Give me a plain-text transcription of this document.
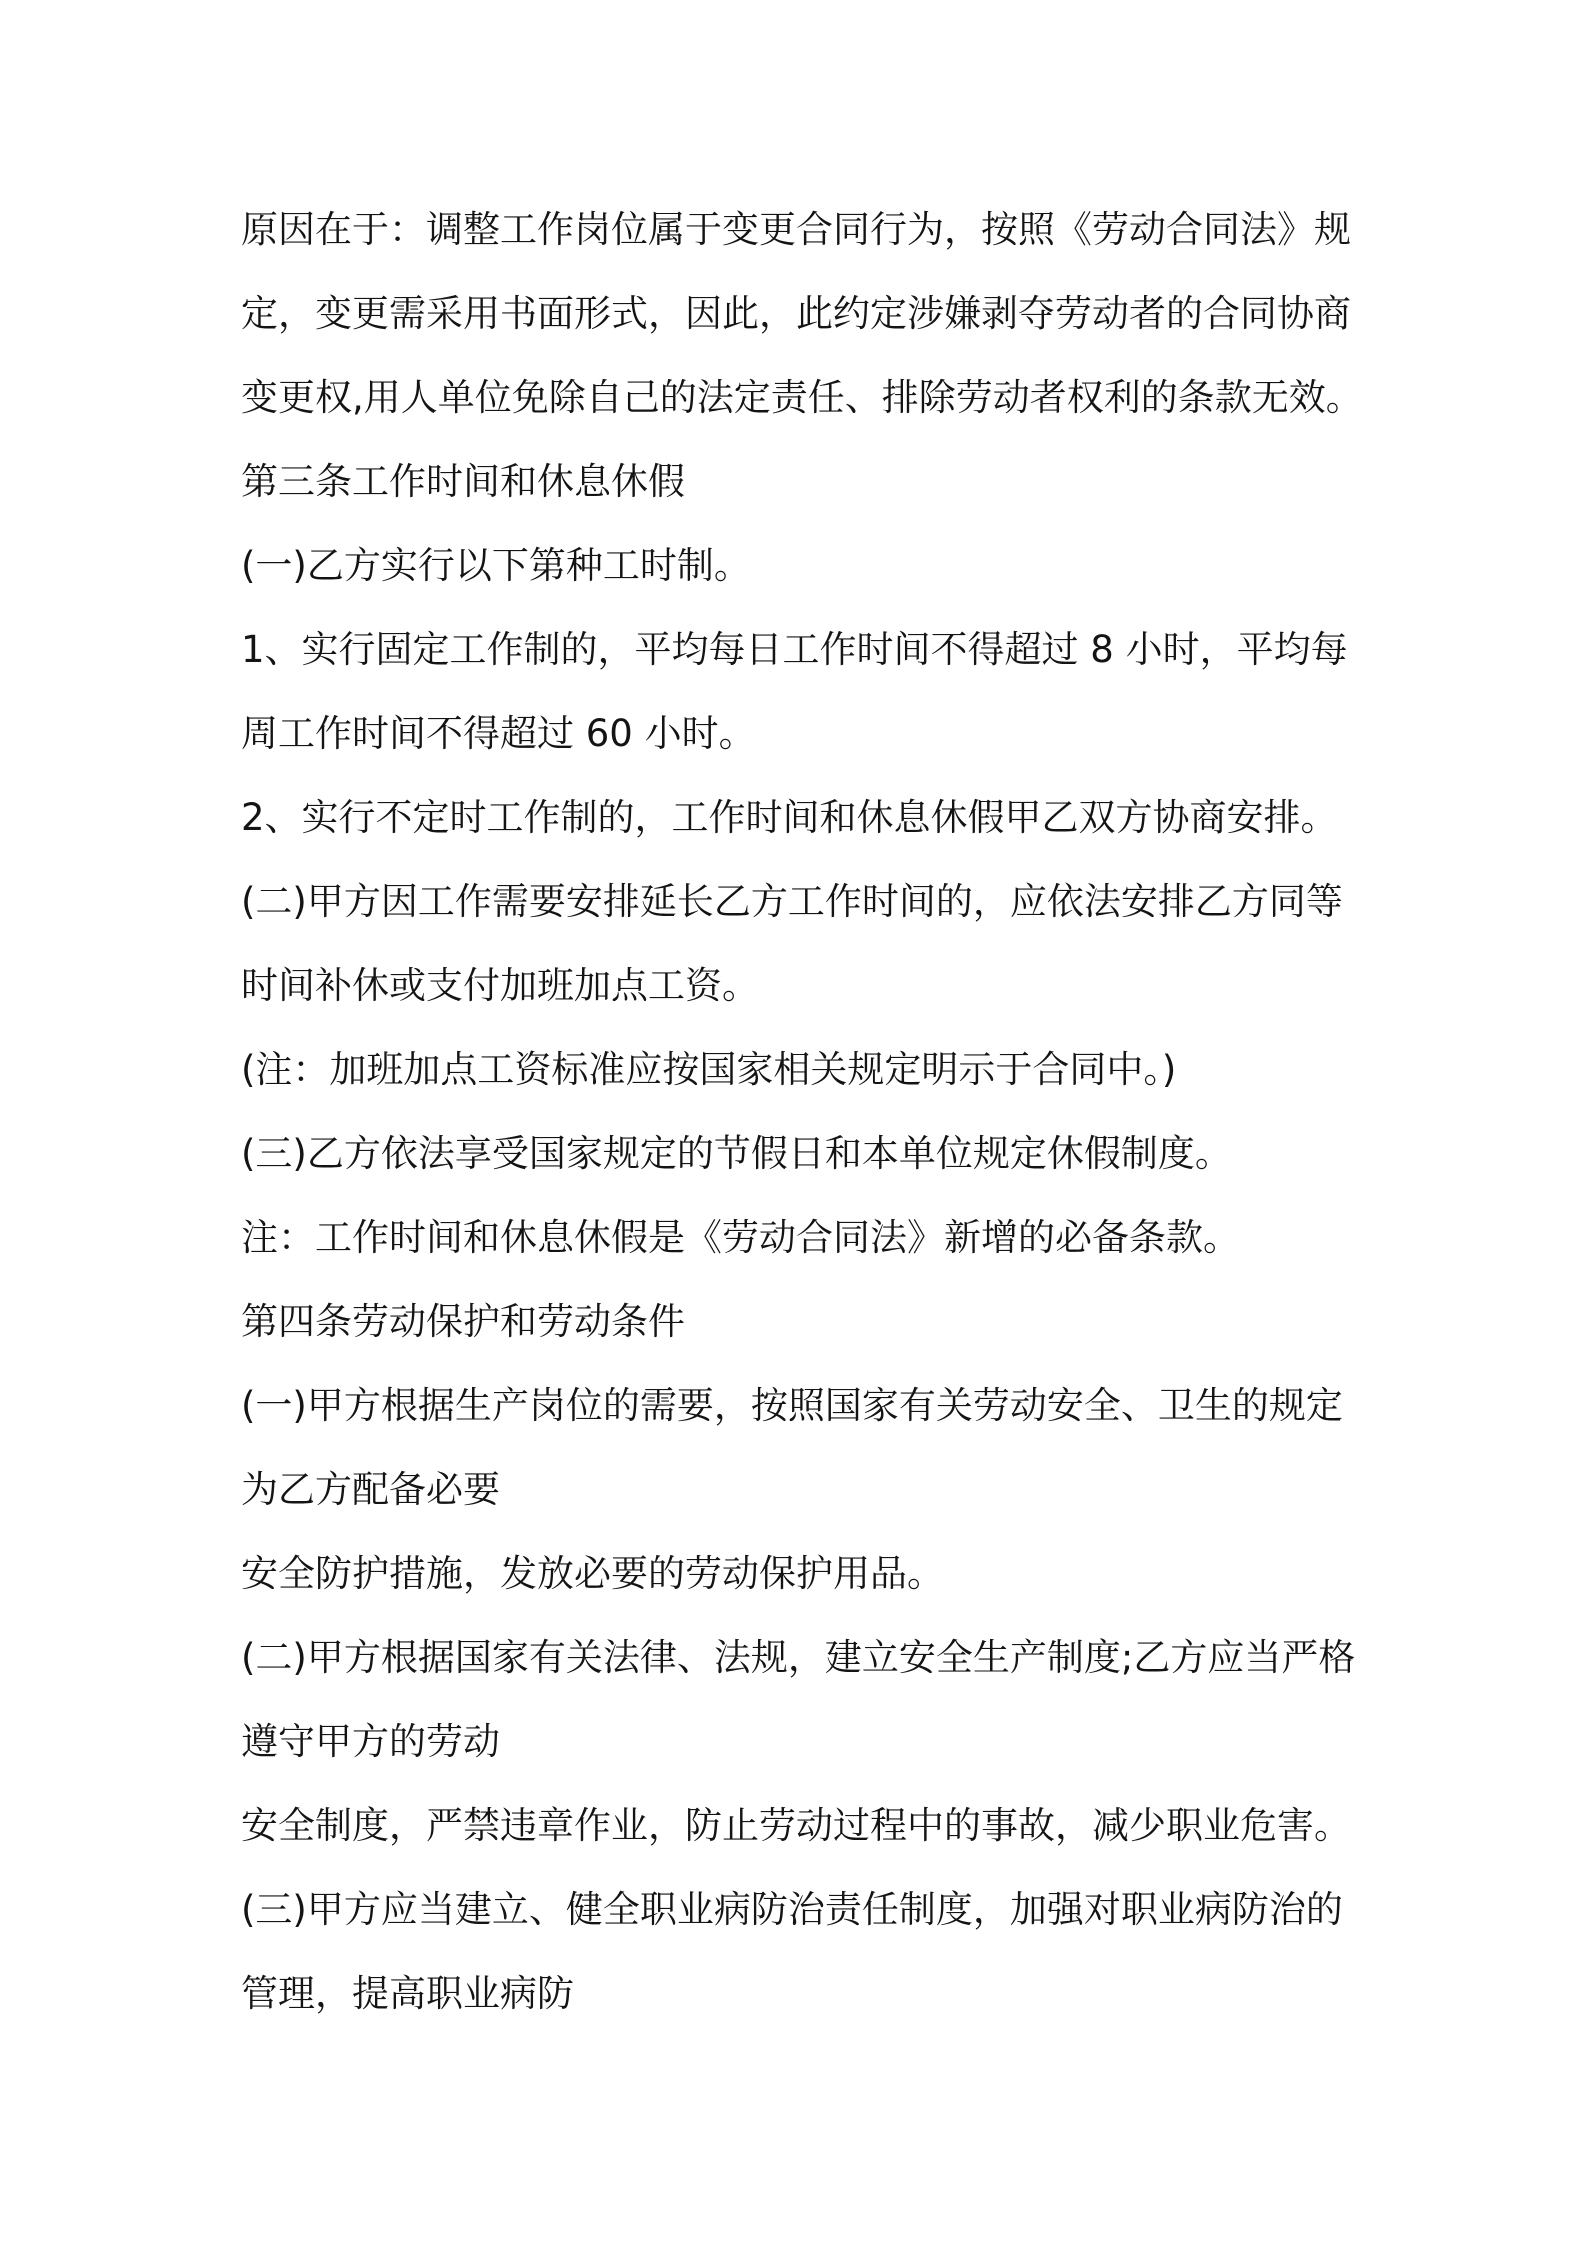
原因在于：调整工作岗位属于变更合同行为，按照《劳动合同法》规
定，变更需采用书面形式，因此，此约定涉嫌剥夺劳动者的合同协商
变更权,用人单位免除自己的法定责任、排除劳动者权利的条款无效。
第三条工作时间和休息休假
(一)乙方实行以下第种工时制。
1、实行固定工作制的，平均每日工作时间不得超过 8 小时，平均每
周工作时间不得超过 60 小时。
2、实行不定时工作制的，工作时间和休息休假甲乙双方协商安排。
(二)甲方因工作需要安排延长乙方工作时间的，应依法安排乙方同等
时间补休或支付加班加点工资。
(注：加班加点工资标准应按国家相关规定明示于合同中。)
(三)乙方依法享受国家规定的节假日和本单位规定休假制度。
注：工作时间和休息休假是《劳动合同法》新增的必备条款。
第四条劳动保护和劳动条件
(一)甲方根据生产岗位的需要，按照国家有关劳动安全、卫生的规定
为乙方配备必要
安全防护措施，发放必要的劳动保护用品。
(二)甲方根据国家有关法律、法规，建立安全生产制度;乙方应当严格
遵守甲方的劳动
安全制度，严禁违章作业，防止劳动过程中的事故，减少职业危害。
(三)甲方应当建立、健全职业病防治责任制度，加强对职业病防治的
管理，提高职业病防
